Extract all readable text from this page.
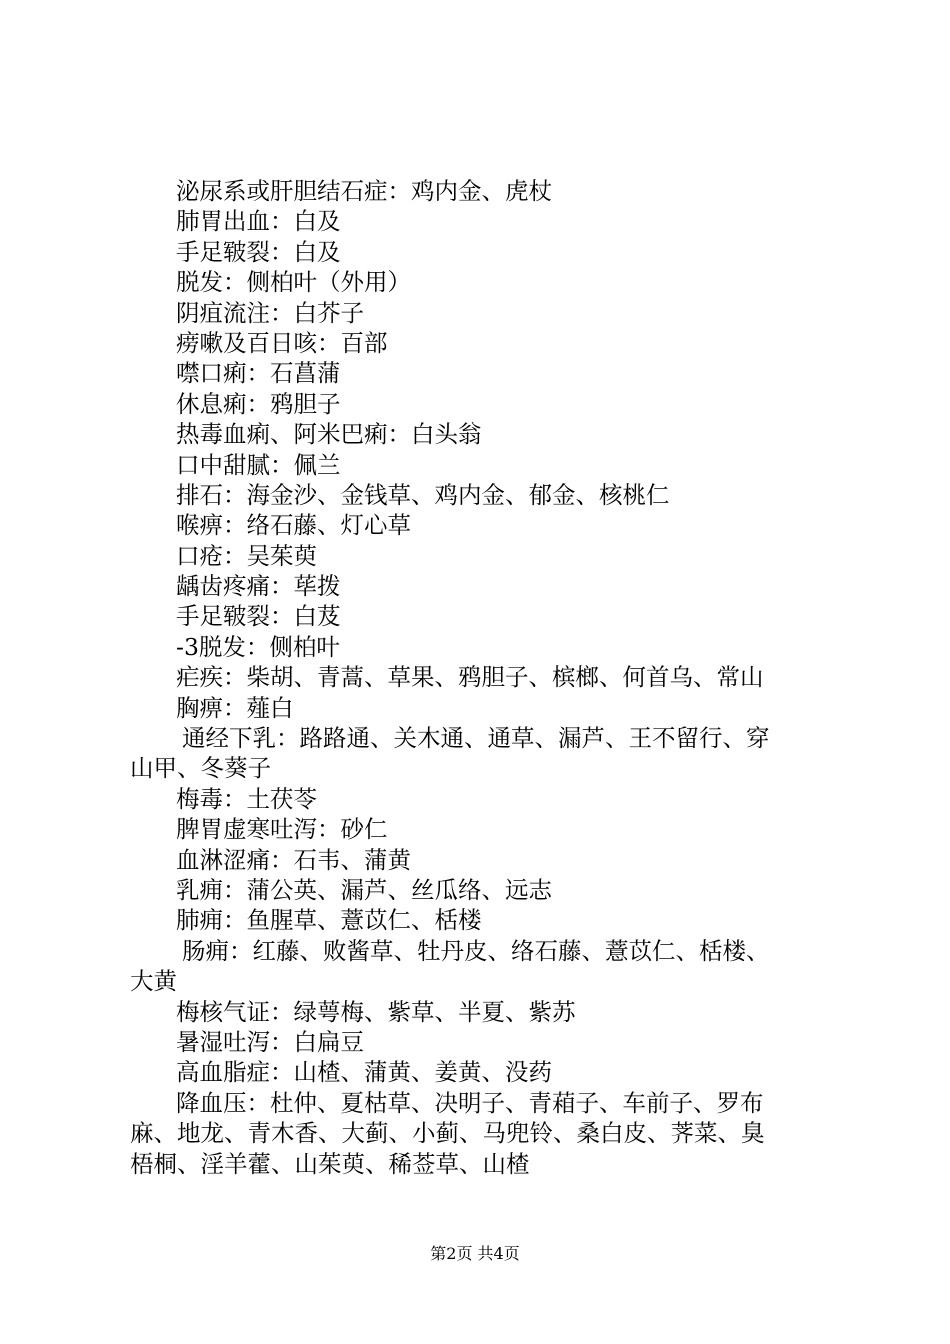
泌尿系或肝胆结石症：鸡内金、虎杖
肺胃出血：白及
手足皲裂：白及
脱发：侧柏叶（外用）
阴疽流注：白芥子
痨嗽及百日咳：百部
噤口痢：石菖蒲
休息痢：鸦胆子
热毒血痢、阿米巴痢：白头翁
口中甜腻：佩兰
排石：海金沙、金钱草、鸡内金、郁金、核桃仁
喉痹：络石藤、灯心草
口疮：吴茱萸
龋齿疼痛：荜拨
手足皲裂：白芨
-3脱发：侧柏叶
疟疾：柴胡、青蒿、草果、鸦胆子、槟榔、何首乌、常山
胸痹：薤白
通经下乳：路路通、关木通、通草、漏芦、王不留行、穿
山甲、冬葵子
梅毒：土茯苓
脾胃虚寒吐泻：砂仁
血淋涩痛：石韦、蒲黄
乳痈：蒲公英、漏芦、丝瓜络、远志
肺痈：鱼腥草、薏苡仁、栝楼
肠痈：红藤、败酱草、牡丹皮、络石藤、薏苡仁、栝楼、
大黄
梅核气证：绿萼梅、紫草、半夏、紫苏
暑湿吐泻：白扁豆
高血脂症：山楂、蒲黄、姜黄、没药
降血压：杜仲、夏枯草、决明子、青葙子、车前子、罗布
麻、地龙、青木香、大蓟、小蓟、马兜铃、桑白皮、荠菜、臭
梧桐、淫羊藿、山茱萸、稀莶草、山楂
第2页 共4页
